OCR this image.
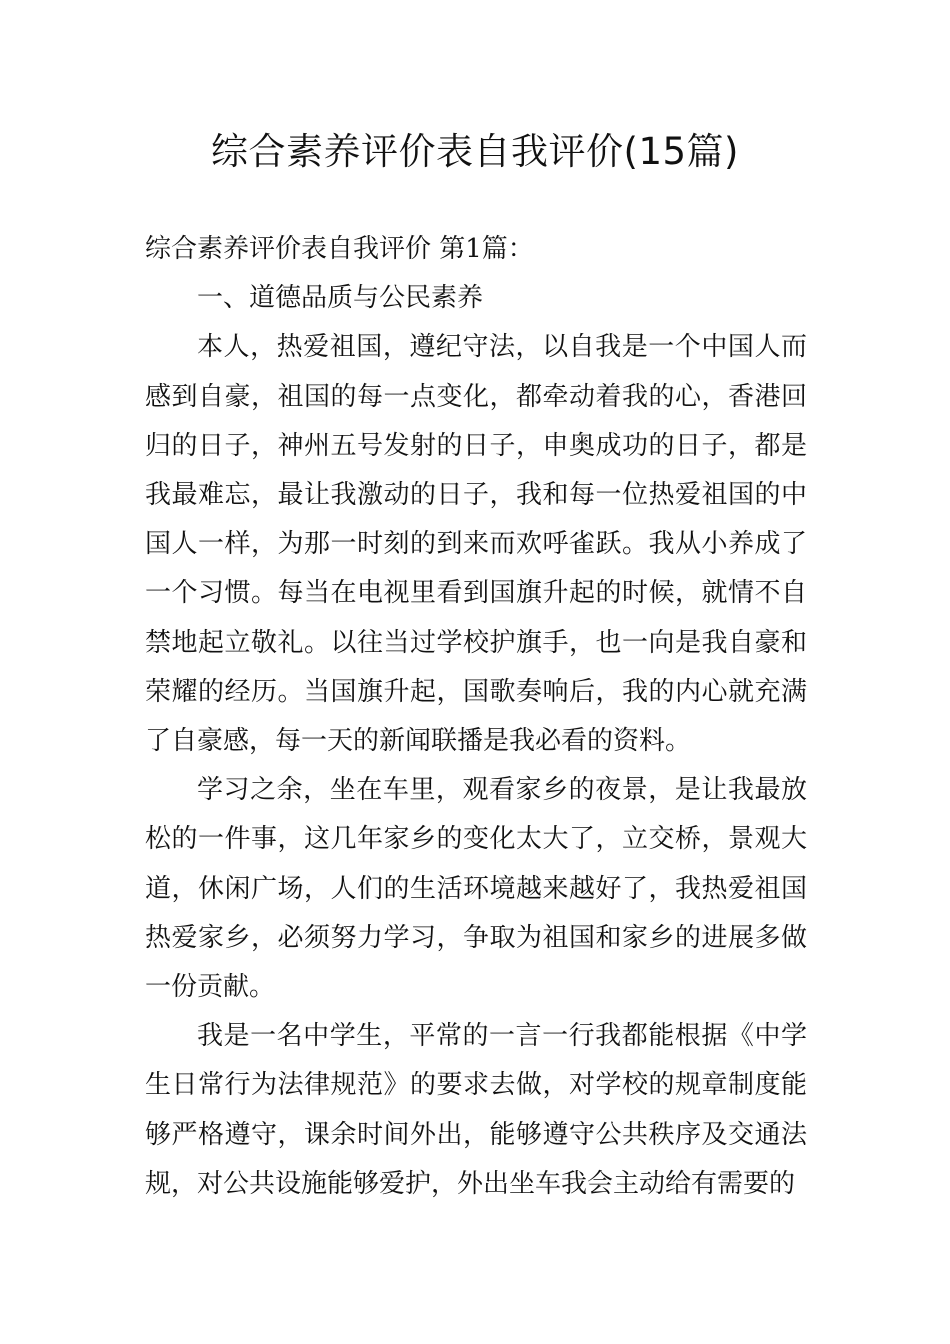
综合素养评价表自我评价(15篇)

综合素养评价表自我评价 第1篇：

一、道德品质与公民素养

本人，热爱祖国，遵纪守法，以自我是一个中国人而感到自豪，祖国的每一点变化，都牵动着我的心，香港回归的日子，神州五号发射的日子，申奥成功的日子，都是我最难忘，最让我激动的日子，我和每一位热爱祖国的中国人一样，为那一时刻的到来而欢呼雀跃。我从小养成了一个习惯。每当在电视里看到国旗升起的时候，就情不自禁地起立敬礼。以往当过学校护旗手，也一向是我自豪和荣耀的经历。当国旗升起，国歌奏响后，我的内心就充满了自豪感，每一天的新闻联播是我必看的资料。

学习之余，坐在车里，观看家乡的夜景，是让我最放松的一件事，这几年家乡的变化太大了，立交桥，景观大道，休闲广场，人们的生活环境越来越好了，我热爱祖国热爱家乡，必须努力学习，争取为祖国和家乡的进展多做一份贡献。

我是一名中学生，平常的一言一行我都能根据《中学生日常行为法律规范》的要求去做，对学校的规章制度能够严格遵守，课余时间外出，能够遵守公共秩序及交通法规，对公共设施能够爱护，外出坐车我会主动给有需要的
